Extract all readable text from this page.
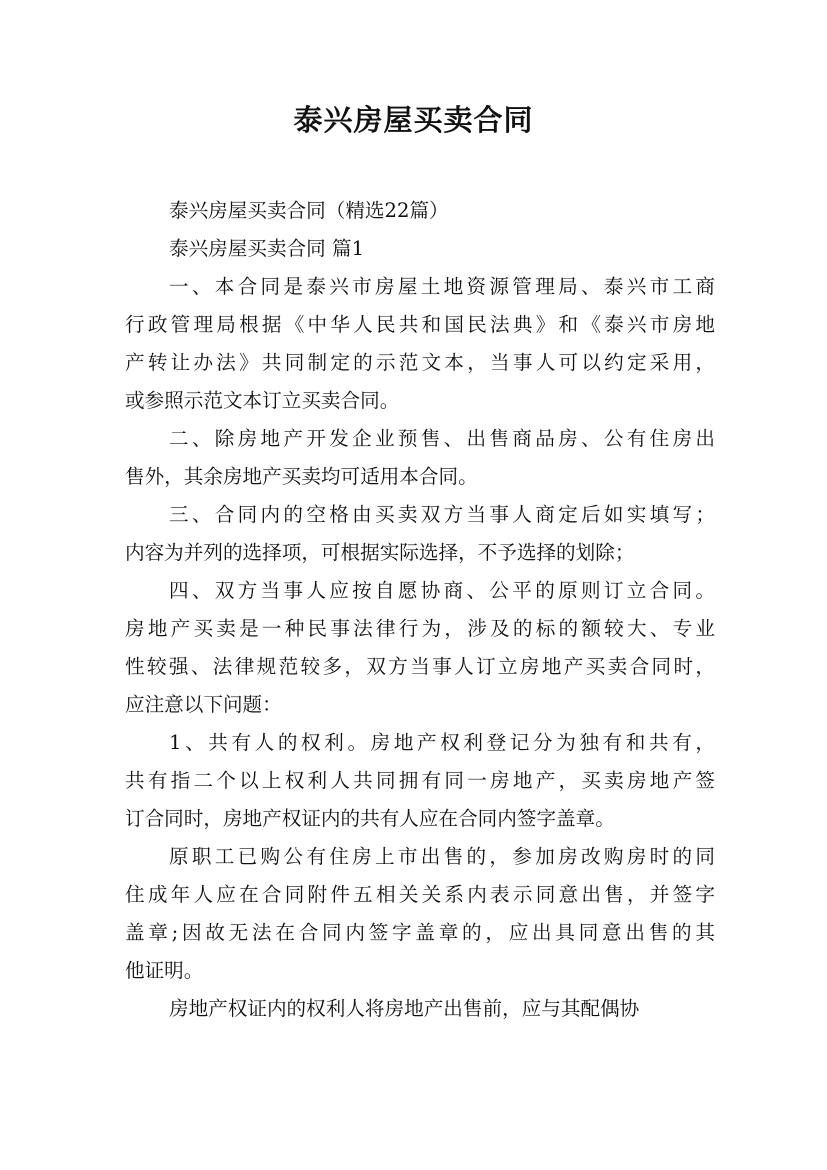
泰兴房屋买卖合同
泰兴房屋买卖合同（精选22篇）
泰兴房屋买卖合同 篇1
一、本合同是泰兴市房屋土地资源管理局、泰兴市工商
行政管理局根据《中华人民共和国民法典》和《泰兴市房地
产转让办法》共同制定的示范文本，当事人可以约定采用，
或参照示范文本订立买卖合同。
二、除房地产开发企业预售、出售商品房、公有住房出
售外，其余房地产买卖均可适用本合同。
三、合同内的空格由买卖双方当事人商定后如实填写；
内容为并列的选择项，可根据实际选择，不予选择的划除；
四、双方当事人应按自愿协商、公平的原则订立合同。
房地产买卖是一种民事法律行为，涉及的标的额较大、专业
性较强、法律规范较多，双方当事人订立房地产买卖合同时，
应注意以下问题：
1、共有人的权利。房地产权利登记分为独有和共有，
共有指二个以上权利人共同拥有同一房地产，买卖房地产签
订合同时，房地产权证内的共有人应在合同内签字盖章。
原职工已购公有住房上市出售的，参加房改购房时的同
住成年人应在合同附件五相关关系内表示同意出售，并签字
盖章;因故无法在合同内签字盖章的，应出具同意出售的其
他证明。
房地产权证内的权利人将房地产出售前，应与其配偶协
